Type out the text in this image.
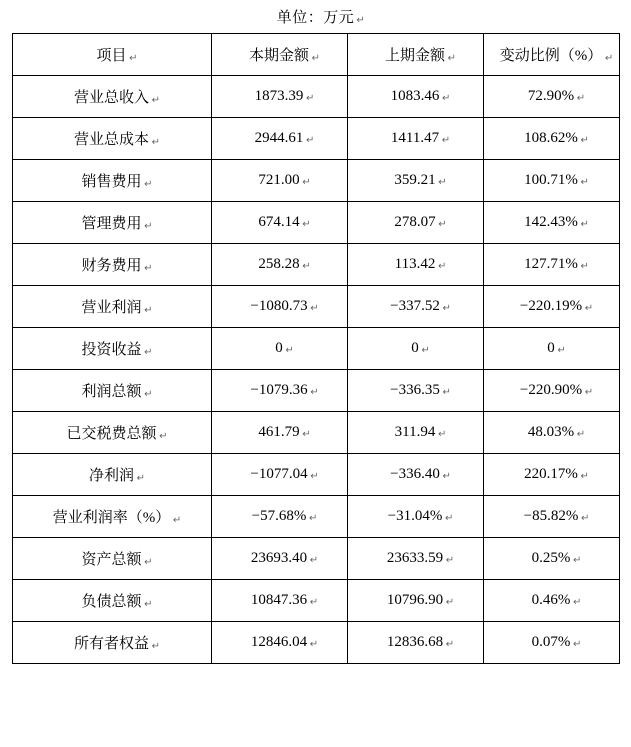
单位：万元 ↵
项目 ↵	本期金额 ↵	上期金额 ↵	变动比例（%） ↵

营业总收入 ↵	1873.39 ↵	1083.46 ↵	72.90% ↵

营业总成本 ↵	2944.61 ↵	1411.47 ↵	108.62% ↵

销售费用 ↵	721.00 ↵	359.21 ↵	100.71% ↵

管理费用 ↵	674.14 ↵	278.07 ↵	142.43% ↵

财务费用 ↵	258.28 ↵	113.42 ↵	127.71% ↵

营业利润 ↵	−1080.73 ↵	−337.52 ↵	−220.19% ↵

投资收益 ↵	0 ↵	0 ↵	0 ↵

利润总额 ↵	−1079.36 ↵	−336.35 ↵	−220.90% ↵

已交税费总额 ↵	461.79 ↵	311.94 ↵	48.03% ↵

净利润 ↵	−1077.04 ↵	−336.40 ↵	220.17% ↵

营业利润率（%） ↵	−57.68% ↵	−31.04% ↵	−85.82% ↵

资产总额 ↵	23693.40 ↵	23633.59 ↵	0.25% ↵

负债总额 ↵	10847.36 ↵	10796.90 ↵	0.46% ↵

所有者权益 ↵	12846.04 ↵	12836.68 ↵	0.07% ↵
